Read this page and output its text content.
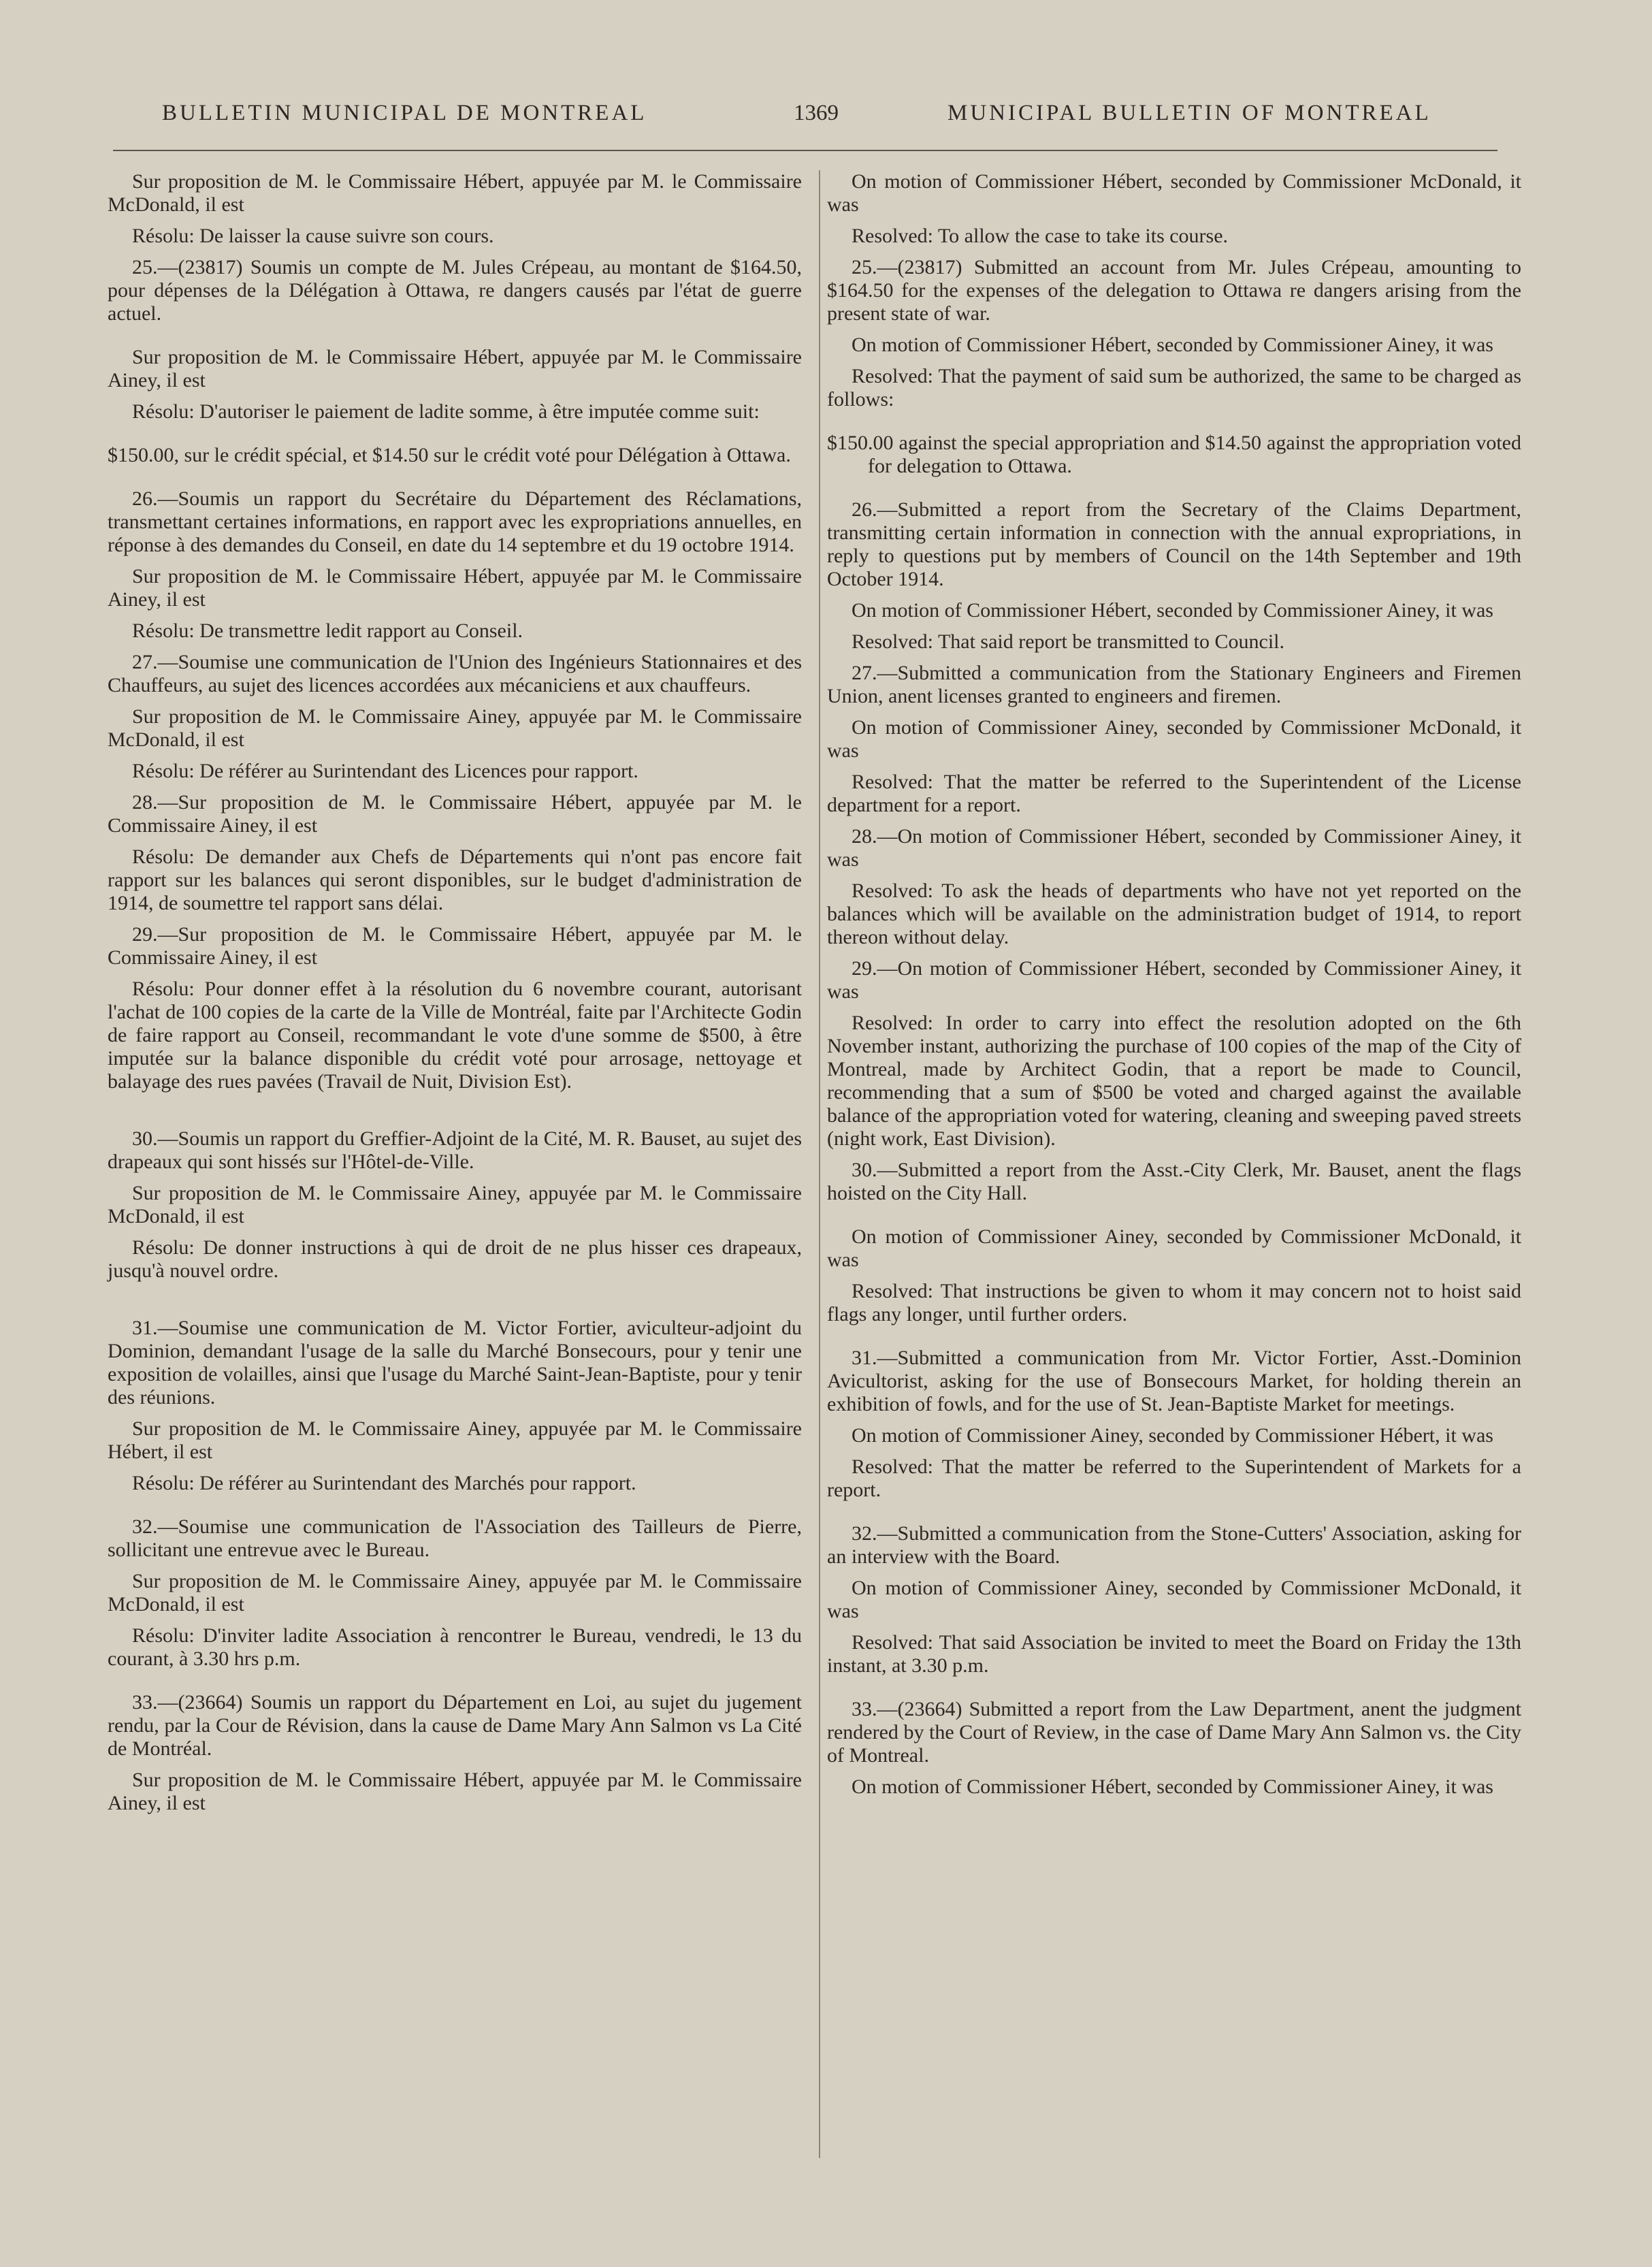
BULLETIN MUNICIPAL DE MONTREAL	1369	MUNICIPAL BULLETIN OF MONTREAL

Sur proposition de M. le Commissaire Hébert, appuyée par M. le Commissaire McDonald, il est

Résolu: De laisser la cause suivre son cours.

25.—(23817) Soumis un compte de M. Jules Crépeau, au montant de $164.50, pour dépenses de la Délégation à Ottawa, re dangers causés par l'état de guerre actuel.

Sur proposition de M. le Commissaire Hébert, appuyée par M. le Commissaire Ainey, il est

Résolu: D'autoriser le paiement de ladite somme, à être imputée comme suit:

$150.00, sur le crédit spécial, et $14.50 sur le crédit voté pour Délégation à Ottawa.

26.—Soumis un rapport du Secrétaire du Département des Réclamations, transmettant certaines informations, en rapport avec les expropriations annuelles, en réponse à des demandes du Conseil, en date du 14 septembre et du 19 octobre 1914.

Sur proposition de M. le Commissaire Hébert, appuyée par M. le Commissaire Ainey, il est

Résolu: De transmettre ledit rapport au Conseil.

27.—Soumise une communication de l'Union des Ingénieurs Stationnaires et des Chauffeurs, au sujet des licences accordées aux mécaniciens et aux chauffeurs.

Sur proposition de M. le Commissaire Ainey, appuyée par M. le Commissaire McDonald, il est

Résolu: De référer au Surintendant des Licences pour rapport.

28.—Sur proposition de M. le Commissaire Hébert, appuyée par M. le Commissaire Ainey, il est

Résolu: De demander aux Chefs de Départements qui n'ont pas encore fait rapport sur les balances qui seront disponibles, sur le budget d'administration de 1914, de soumettre tel rapport sans délai.

29.—Sur proposition de M. le Commissaire Hébert, appuyée par M. le Commissaire Ainey, il est

Résolu: Pour donner effet à la résolution du 6 novembre courant, autorisant l'achat de 100 copies de la carte de la Ville de Montréal, faite par l'Architecte Godin de faire rapport au Conseil, recommandant le vote d'une somme de $500, à être imputée sur la balance disponible du crédit voté pour arrosage, nettoyage et balayage des rues pavées (Travail de Nuit, Division Est).

30.—Soumis un rapport du Greffier-Adjoint de la Cité, M. R. Bauset, au sujet des drapeaux qui sont hissés sur l'Hôtel-de-Ville.

Sur proposition de M. le Commissaire Ainey, appuyée par M. le Commissaire McDonald, il est

Résolu: De donner instructions à qui de droit de ne plus hisser ces drapeaux, jusqu'à nouvel ordre.

31.—Soumise une communication de M. Victor Fortier, aviculteur-adjoint du Dominion, demandant l'usage de la salle du Marché Bonsecours, pour y tenir une exposition de volailles, ainsi que l'usage du Marché Saint-Jean-Baptiste, pour y tenir des réunions.

Sur proposition de M. le Commissaire Ainey, appuyée par M. le Commissaire Hébert, il est

Résolu: De référer au Surintendant des Marchés pour rapport.

32.—Soumise une communication de l'Association des Tailleurs de Pierre, sollicitant une entrevue avec le Bureau.

Sur proposition de M. le Commissaire Ainey, appuyée par M. le Commissaire McDonald, il est

Résolu: D'inviter ladite Association à rencontrer le Bureau, vendredi, le 13 du courant, à 3.30 hrs p.m.

33.—(23664) Soumis un rapport du Département en Loi, au sujet du jugement rendu, par la Cour de Révision, dans la cause de Dame Mary Ann Salmon vs La Cité de Montréal.

Sur proposition de M. le Commissaire Hébert, appuyée par M. le Commissaire Ainey, il est

On motion of Commissioner Hébert, seconded by Commissioner McDonald, it was

Resolved: To allow the case to take its course.

25.—(23817) Submitted an account from Mr. Jules Crépeau, amounting to $164.50 for the expenses of the delegation to Ottawa re dangers arising from the present state of war.

On motion of Commissioner Hébert, seconded by Commissioner Ainey, it was

Resolved: That the payment of said sum be authorized, the same to be charged as follows:

$150.00 against the special appropriation and $14.50 against the appropriation voted for delegation to Ottawa.

26.—Submitted a report from the Secretary of the Claims Department, transmitting certain information in connection with the annual expropriations, in reply to questions put by members of Council on the 14th September and 19th October 1914.

On motion of Commissioner Hébert, seconded by Commissioner Ainey, it was

Resolved: That said report be transmitted to Council.

27.—Submitted a communication from the Stationary Engineers and Firemen Union, anent licenses granted to engineers and firemen.

On motion of Commissioner Ainey, seconded by Commissioner McDonald, it was

Resolved: That the matter be referred to the Superintendent of the License department for a report.

28.—On motion of Commissioner Hébert, seconded by Commissioner Ainey, it was

Resolved: To ask the heads of departments who have not yet reported on the balances which will be available on the administration budget of 1914, to report thereon without delay.

29.—On motion of Commissioner Hébert, seconded by Commissioner Ainey, it was

Resolved: In order to carry into effect the resolution adopted on the 6th November instant, authorizing the purchase of 100 copies of the map of the City of Montreal, made by Architect Godin, that a report be made to Council, recommending that a sum of $500 be voted and charged against the available balance of the appropriation voted for watering, cleaning and sweeping paved streets (night work, East Division).

30.—Submitted a report from the Asst.-City Clerk, Mr. Bauset, anent the flags hoisted on the City Hall.

On motion of Commissioner Ainey, seconded by Commissioner McDonald, it was

Resolved: That instructions be given to whom it may concern not to hoist said flags any longer, until further orders.

31.—Submitted a communication from Mr. Victor Fortier, Asst.-Dominion Avicultorist, asking for the use of Bonsecours Market, for holding therein an exhibition of fowls, and for the use of St. Jean-Baptiste Market for meetings.

On motion of Commissioner Ainey, seconded by Commissioner Hébert, it was

Resolved: That the matter be referred to the Superintendent of Markets for a report.

32.—Submitted a communication from the Stone-Cutters' Association, asking for an interview with the Board.

On motion of Commissioner Ainey, seconded by Commissioner McDonald, it was

Resolved: That said Association be invited to meet the Board on Friday the 13th instant, at 3.30 p.m.

33.—(23664) Submitted a report from the Law Department, anent the judgment rendered by the Court of Review, in the case of Dame Mary Ann Salmon vs. the City of Montreal.

On motion of Commissioner Hébert, seconded by Commissioner Ainey, it was
